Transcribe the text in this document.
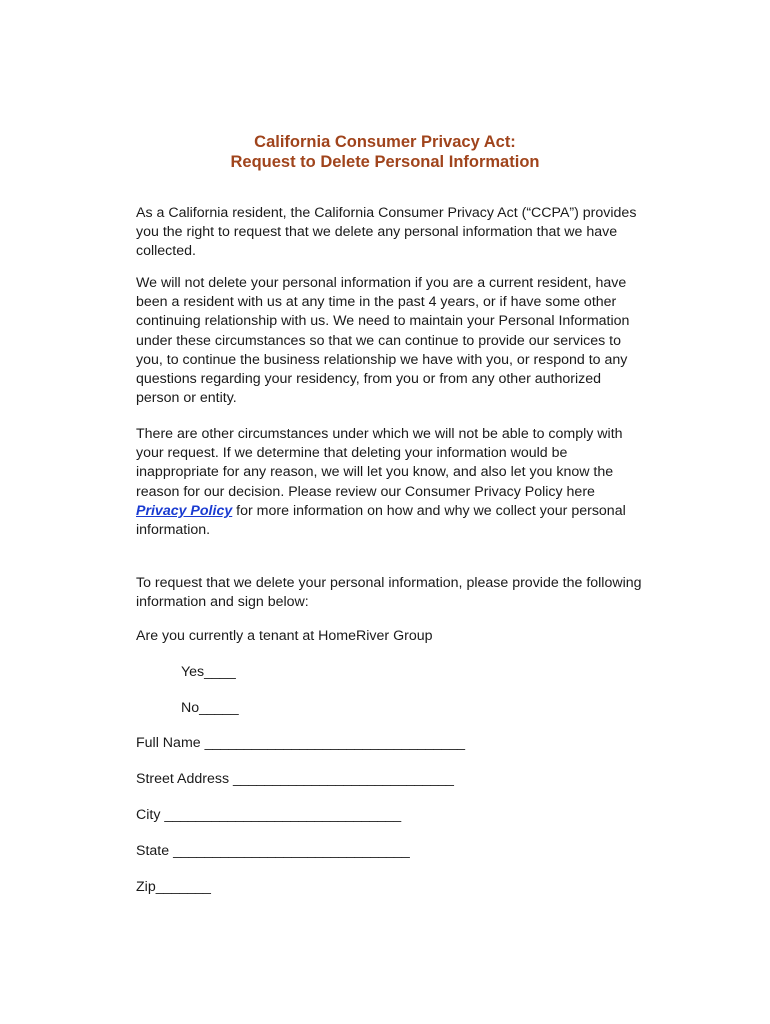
California Consumer Privacy Act:
Request to Delete Personal Information
As a California resident, the California Consumer Privacy Act (“CCPA”) provides
you the right to request that we delete any personal information that we have
collected.
We will not delete your personal information if you are a current resident, have
been a resident with us at any time in the past 4 years, or if have some other
continuing relationship with us. We need to maintain your Personal Information
under these circumstances so that we can continue to provide our services to
you, to continue the business relationship we have with you, or respond to any
questions regarding your residency, from you or from any other authorized
person or entity.
There are other circumstances under which we will not be able to comply with
your request. If we determine that deleting your information would be
inappropriate for any reason, we will let you know, and also let you know the
reason for our decision. Please review our Consumer Privacy Policy here
Privacy Policy for more information on how and why we collect your personal
information.
To request that we delete your personal information, please provide the following
information and sign below:
Are you currently a tenant at HomeRiver Group
Yes____
No_____
Full Name _________________________________
Street Address ____________________________
City ______________________________
State ______________________________
Zip_______
